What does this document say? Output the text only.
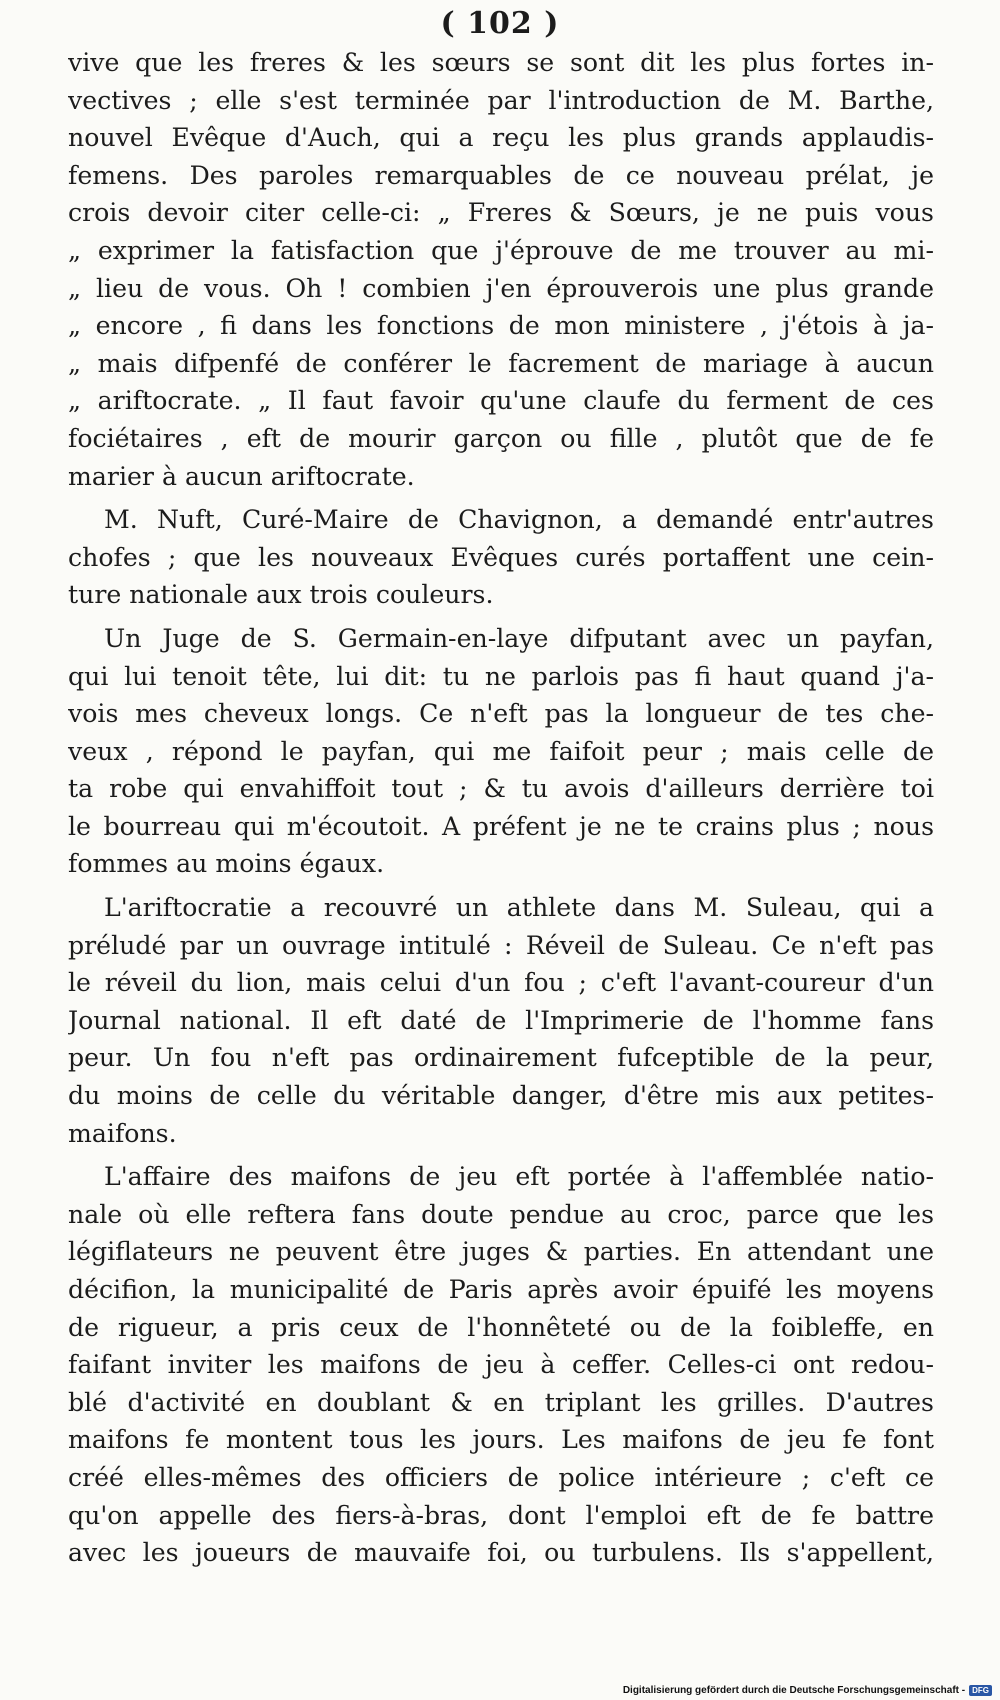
( 102 )
vive que les freres & les sœurs se sont dit les plus fortes in-
vectives ; elle s'est terminée par l'introduction de M. Barthe,
nouvel Evêque d'Auch, qui a reçu les plus grands applaudis-
femens. Des paroles remarquables de ce nouveau prélat, je
crois devoir citer celle-ci: „ Freres & Sœurs, je ne puis vous
„ exprimer la fatisfaction que j'éprouve de me trouver au mi-
„ lieu de vous. Oh ! combien j'en éprouverois une plus grande
„ encore , fi dans les fonctions de mon ministere , j'étois à ja-
„ mais difpenfé de conférer le facrement de mariage à aucun
„ ariftocrate. „ Il faut favoir qu'une claufe du ferment de ces
fociétaires , eft de mourir garçon ou fille , plutôt que de fe
marier à aucun ariftocrate.
M. Nuft, Curé-Maire de Chavignon, a demandé entr'autres
chofes ; que les nouveaux Evêques curés portaffent une cein-
ture nationale aux trois couleurs.
Un Juge de S. Germain-en-laye difputant avec un payfan,
qui lui tenoit tête, lui dit: tu ne parlois pas fi haut quand j'a-
vois mes cheveux longs. Ce n'eft pas la longueur de tes che-
veux , répond le payfan, qui me faifoit peur ; mais celle de
ta robe qui envahiffoit tout ; & tu avois d'ailleurs derrière toi
le bourreau qui m'écoutoit. A préfent je ne te crains plus ; nous
fommes au moins égaux.
L'ariftocratie a recouvré un athlete dans M. Suleau, qui a
préludé par un ouvrage intitulé : Réveil de Suleau. Ce n'eft pas
le réveil du lion, mais celui d'un fou ; c'eft l'avant-coureur d'un
Journal national. Il eft daté de l'Imprimerie de l'homme fans
peur. Un fou n'eft pas ordinairement fufceptible de la peur,
du moins de celle du véritable danger, d'être mis aux petites-
maifons.
L'affaire des maifons de jeu eft portée à l'affemblée natio-
nale où elle reftera fans doute pendue au croc, parce que les
légiflateurs ne peuvent être juges & parties. En attendant une
décifion, la municipalité de Paris après avoir épuifé les moyens
de rigueur, a pris ceux de l'honnêteté ou de la foibleffe, en
faifant inviter les maifons de jeu à ceffer. Celles-ci ont redou-
blé d'activité en doublant & en triplant les grilles. D'autres
maifons fe montent tous les jours. Les maifons de jeu fe font
créé elles-mêmes des officiers de police intérieure ; c'eft ce
qu'on appelle des fiers-à-bras, dont l'emploi eft de fe battre
avec les joueurs de mauvaife foi, ou turbulens. Ils s'appellent,
Digitalisierung gefördert durch die Deutsche Forschungsgemeinschaft - DFG
